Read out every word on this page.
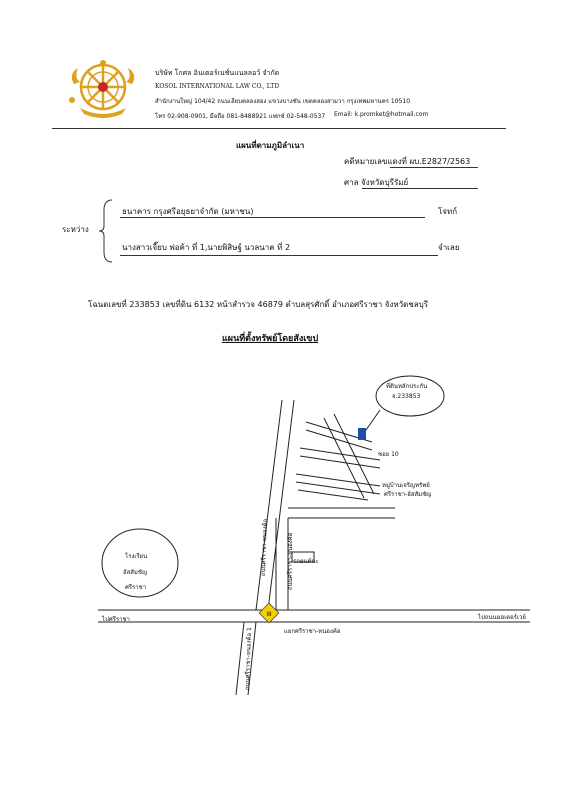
บริษัท โกศล อินเตอร์เนชั่นแนลลอว์ จำกัด
KOSOL INTERNATIONAL LAW CO., LTD
สำนักงานใหญ่ 104/42 ถนนเลียบคลองสอง แขวงบางชัน เขตคลองสามวา กรุงเทพมหานคร 10510
โทร 02-908-0901, มือถือ 081-8488921 แฟกซ์ 02-548-0537 Email: k.promket@hotmail.com
แผนที่ตามภูมิลำเนา
คดีหมายเลขแดงที่ ผบ.E2827/2563
ศาล จังหวัดบุรีรัมย์
ระหว่าง
ธนาคาร กรุงศรีอยุธยาจำกัด (มหาชน)	โจทก์
นางสาวเจี๊ยบ พ่อค้า ที่ 1,นายพิสิษฐ์ นวลนาค ที่ 2	จำเลย
โฉนดเลขที่ 233853 เลขที่ดิน 6132 หน้าสำรวจ 46879 ตำบลสุรศักดิ์ อำเภอศรีราชา จังหวัดชลบุรี
แผนที่ตั้งทรัพย์โดยสังเขป
III
ที่ดินหลักประกัน
จ.233853
ซอย 10
หมู่บ้านเจริญทรัพย์
ศรีราชา-อัสสัมชัญ
โรงเรียน
อัสสัมชัญ
ศรีราชา
ไปศรีราชา	ไปถนนมอเตอร์เวย์
แยกศรีราชา-หนองค้อ
รถยนต์นะ
ถนนศรีราชา-หนองค้อ
ถนนศรีราชา-หนองค้อ
ถนนศรีราชา-หนองค้อ 1
